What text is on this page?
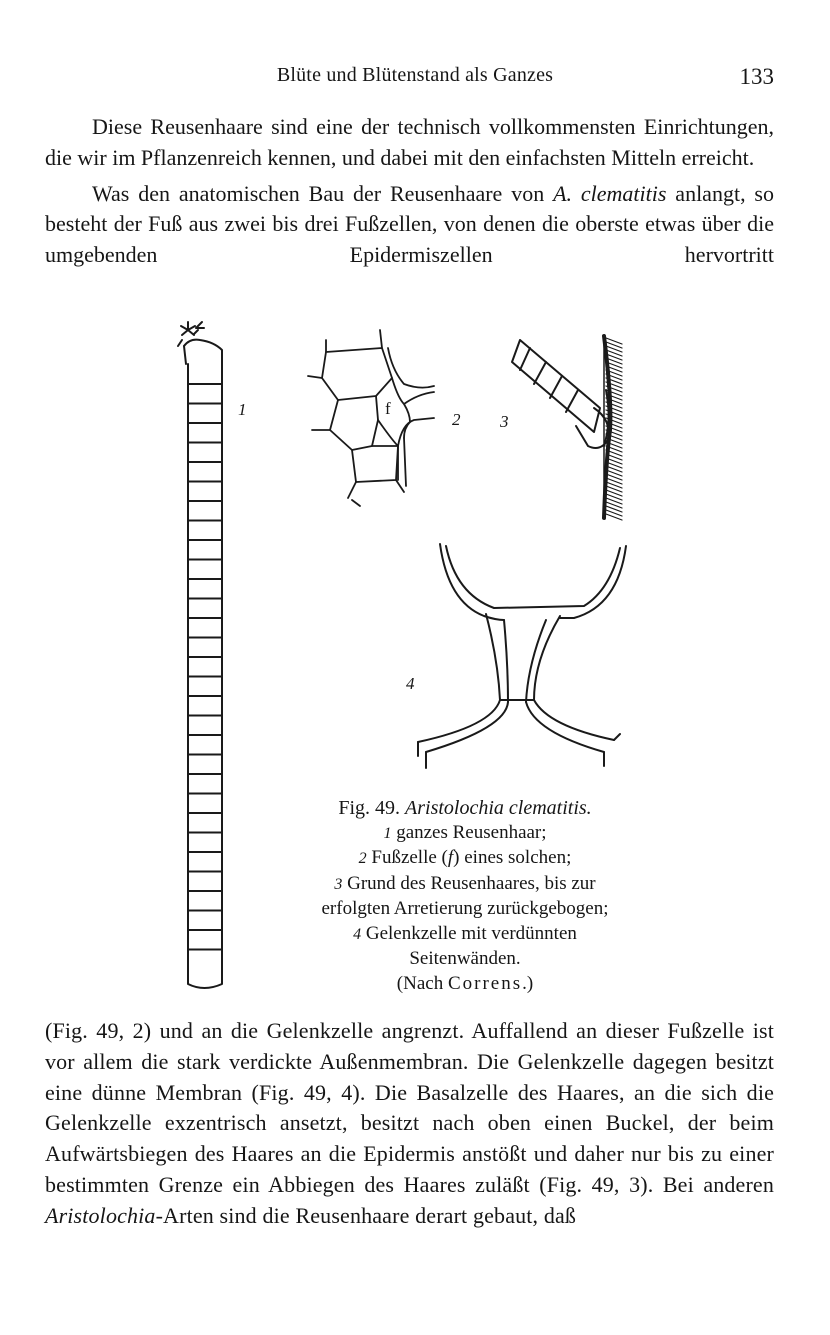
Blüte und Blütenstand als Ganzes	133
Diese Reusenhaare sind eine der technisch vollkommensten Einrichtungen, die wir im Pflanzenreich kennen, und dabei mit den einfachsten Mitteln erreicht.
Was den anatomischen Bau der Reusenhaare von A. clematitis anlangt, so besteht der Fuß aus zwei bis drei Fußzellen, von denen die oberste etwas über die umgebenden Epidermiszellen hervortritt
1
2 3
4
f
Fig. 49. Aristolochia clematitis.
1 ganzes Reusenhaar;
2 Fußzelle (f) eines solchen;
3 Grund des Reusenhaares, bis zur
erfolgten Arretierung zurückgebogen;
4 Gelenkzelle mit verdünnten
Seitenwänden.
(Nach Correns.)
(Fig. 49, 2) und an die Gelenkzelle angrenzt. Auffallend an dieser Fußzelle ist vor allem die stark verdickte Außenmembran. Die Gelenkzelle dagegen besitzt eine dünne Membran (Fig. 49, 4). Die Basalzelle des Haares, an die sich die Gelenkzelle exzentrisch ansetzt, besitzt nach oben einen Buckel, der beim Aufwärtsbiegen des Haares an die Epidermis anstößt und daher nur bis zu einer bestimmten Grenze ein Abbiegen des Haares zuläßt (Fig. 49, 3). Bei anderen Aristolochia-Arten sind die Reusenhaare derart gebaut, daß
